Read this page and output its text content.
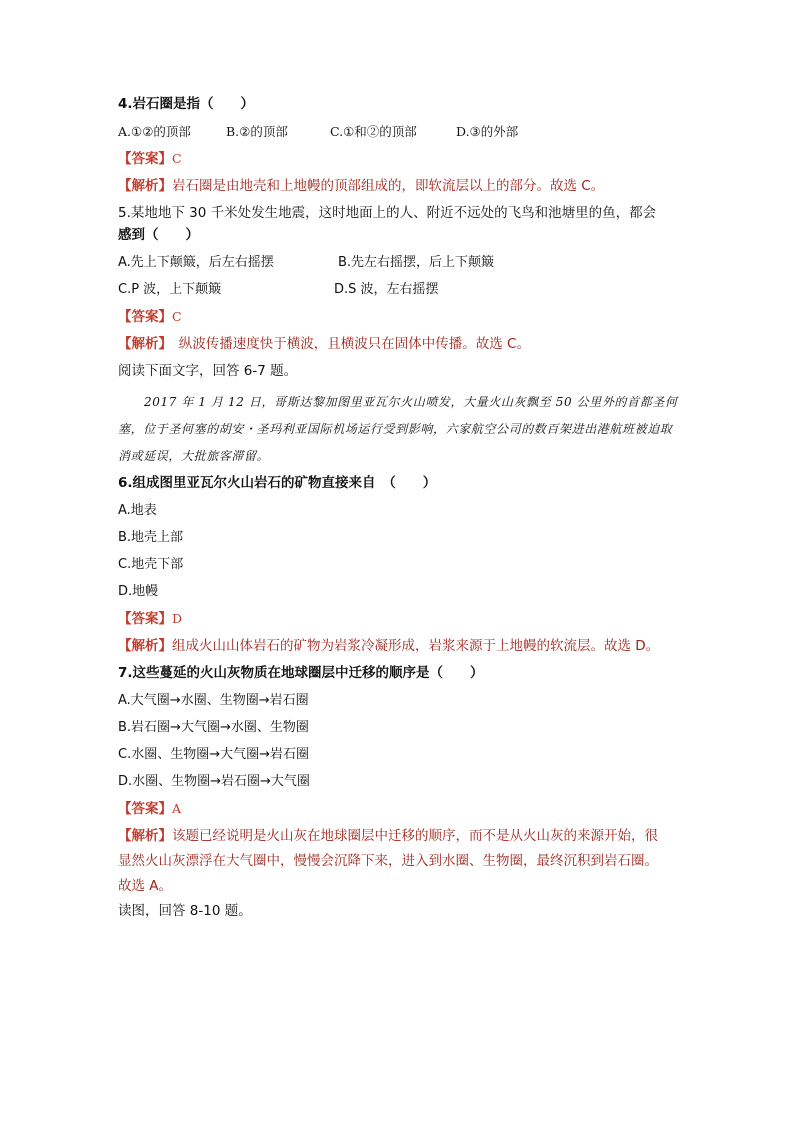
4.岩石圈是指（　　）
A.①②的顶部	B.②的顶部	C.①和②的顶部	D.③的外部
【答案】C
【解析】岩石圈是由地壳和上地幔的顶部组成的，即软流层以上的部分。故选 C。
5.某地地下 30 千米处发生地震，这时地面上的人、附近不远处的飞鸟和池塘里的鱼，都会
感到（　　）
A.先上下颠簸，后左右摇摆	B.先左右摇摆，后上下颠簸
C.P 波，上下颠簸	D.S 波，左右摇摆
【答案】C
【解析】　纵波传播速度快于横波，且横波只在固体中传播。故选 C。
阅读下面文字，回答 6-7 题。

2017 年 1 月 12 日，哥斯达黎加图里亚瓦尔火山喷发，大量火山灰飘至 50 公里外的首都圣何塞，位于圣何塞的胡安・圣玛利亚国际机场运行受到影响，六家航空公司的数百架进出港航班被迫取消或延误，大批旅客滞留。

6.组成图里亚瓦尔火山岩石的矿物直接来自　（　　）
A.地表
B.地壳上部
C.地壳下部
D.地幔
【答案】D
【解析】组成火山山体岩石的矿物为岩浆冷凝形成，岩浆来源于上地幔的软流层。故选 D。
7.这些蔓延的火山灰物质在地球圈层中迁移的顺序是（　　）
A.大气圈→水圈、生物圈→岩石圈
B.岩石圈→大气圈→水圈、生物圈
C.水圈、生物圈→大气圈→岩石圈
D.水圈、生物圈→岩石圈→大气圈
【答案】A
【解析】该题已经说明是火山灰在地球圈层中迁移的顺序，而不是从火山灰的来源开始，很
显然火山灰漂浮在大气圈中，慢慢会沉降下来，进入到水圈、生物圈，最终沉积到岩石圈。
故选 A。
读图，回答 8-10 题。
